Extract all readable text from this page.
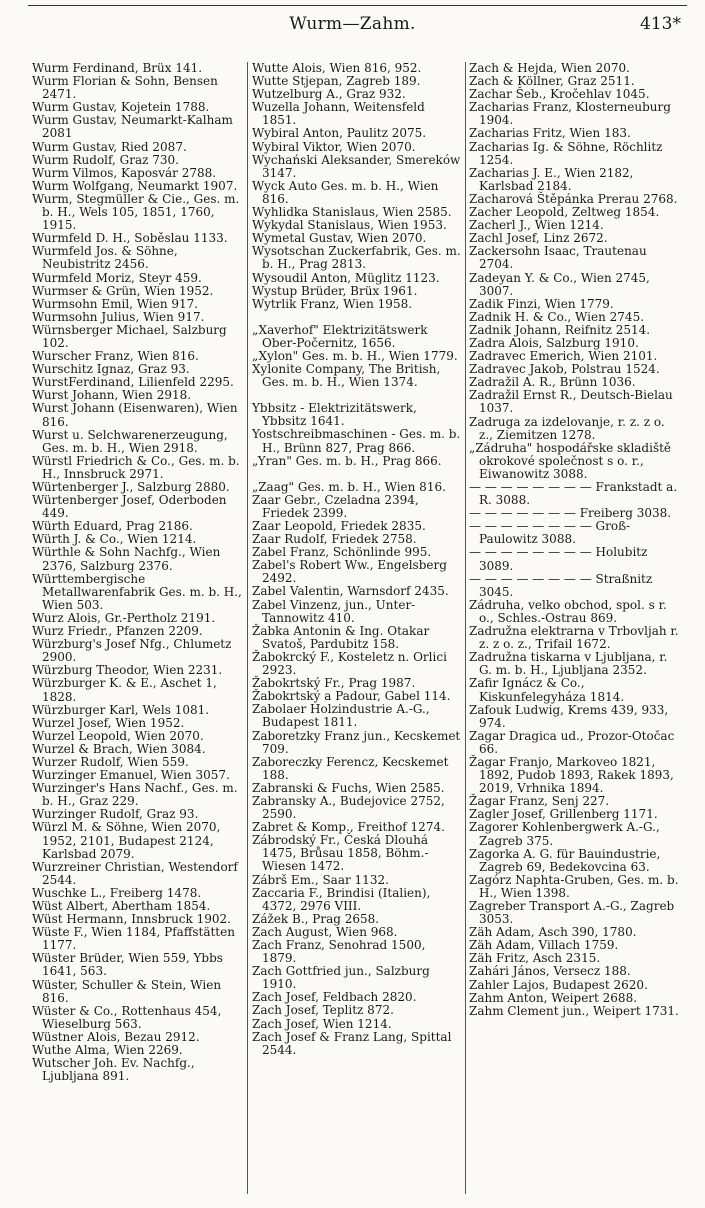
Wurm—Zahm.	413*
Wurm Ferdinand, Brüx 141.
Wurm Florian & Sohn, Bensen 2471.
Wurm Gustav, Kojetein 1788.
Wurm Gustav, Neumarkt-Kalham 2081
Wurm Gustav, Ried 2087.
Wurm Rudolf, Graz 730.
Wurm Vilmos, Kaposvár 2788.
Wurm Wolfgang, Neumarkt 1907.
Wurm, Stegmüller & Cie., Ges. m. b. H., Wels 105, 1851, 1760, 1915.
Wurmfeld D. H., Soběslau 1133.
Wurmfeld Jos. & Söhne, Neubistritz 2456.
Wurmfeld Moriz, Steyr 459.
Wurmser & Grün, Wien 1952.
Wurmsohn Emil, Wien 917.
Wurmsohn Julius, Wien 917.
Würnsberger Michael, Salzburg 102.
Wurscher Franz, Wien 816.
Wurschitz Ignaz, Graz 93.
WurstFerdinand, Lilienfeld 2295.
Wurst Johann, Wien 2918.
Wurst Johann (Eisenwaren), Wien 816.
Wurst u. Selchwarenerzeugung, Ges. m. b. H., Wien 2918.
Würstl Friedrich & Co., Ges. m. b. H., Innsbruck 2971.
Würtenberger J., Salzburg 2880.
Würtenberger Josef, Oderboden 449.
Würth Eduard, Prag 2186.
Würth J. & Co., Wien 1214.
Würthle & Sohn Nachfg., Wien 2376, Salzburg 2376.
Württembergische Metallwarenfabrik Ges. m. b. H., Wien 503.
Wurz Alois, Gr.-Pertholz 2191.
Wurz Friedr., Pfanzen 2209.
Würzburg's Josef Nfg., Chlumetz 2900.
Würzburg Theodor, Wien 2231.
Würzburger K. & E., Aschet 1, 1828.
Würzburger Karl, Wels 1081.
Wurzel Josef, Wien 1952.
Wurzel Leopold, Wien 2070.
Wurzel & Brach, Wien 3084.
Wurzer Rudolf, Wien 559.
Wurzinger Emanuel, Wien 3057.
Wurzinger's Hans Nachf., Ges. m. b. H., Graz 229.
Wurzinger Rudolf, Graz 93.
Würzl M. & Söhne, Wien 2070, 1952, 2101, Budapest 2124, Karlsbad 2079.
Wurzreiner Christian, Westendorf 2544.
Wuschke L., Freiberg 1478.
Wüst Albert, Abertham 1854.
Wüst Hermann, Innsbruck 1902.
Wüste F., Wien 1184, Pfaffstätten 1177.
Wüster Brüder, Wien 559, Ybbs 1641, 563.
Wüster, Schuller & Stein, Wien 816.
Wüster & Co., Rottenhaus 454, Wieselburg 563.
Wüstner Alois, Bezau 2912.
Wuthe Alma, Wien 2269.
Wutscher Joh. Ev. Nachfg., Ljubljana 891.
Wutte Alois, Wien 816, 952.
Wutte Stjepan, Zagreb 189.
Wutzelburg A., Graz 932.
Wuzella Johann, Weitensfeld 1851.
Wybiral Anton, Paulitz 2075.
Wybiral Viktor, Wien 2070.
Wychański Aleksander, Smereków 3147.
Wyck Auto Ges. m. b. H., Wien 816.
Wyhlidka Stanislaus, Wien 2585.
Wykydal Stanislaus, Wien 1953.
Wymetal Gustav, Wien 2070.
Wysotschan Zuckerfabrik, Ges. m. b. H., Prag 2813.
Wysoudil Anton, Müglitz 1123.
Wystup Brüder, Brüx 1961.
Wytrlik Franz, Wien 1958.
„Xaverhof" Elektrizitätswerk Ober-Počernitz, 1656.
„Xylon" Ges. m. b. H., Wien 1779.
Xylonite Company, The British, Ges. m. b. H., Wien 1374.
Ybbsitz - Elektrizitätswerk, Ybbsitz 1641.
Yostschreibmaschinen - Ges. m. b. H., Brünn 827, Prag 866.
„Yran" Ges. m. b. H., Prag 866.
„Zaag" Ges. m. b. H., Wien 816.
Zaar Gebr., Czeladna 2394, Friedek 2399.
Zaar Leopold, Friedek 2835.
Zaar Rudolf, Friedek 2758.
Zabel Franz, Schönlinde 995.
Zabel's Robert Ww., Engelsberg 2492.
Zabel Valentin, Warnsdorf 2435.
Zabel Vinzenz, jun., Unter-Tannowitz 410.
Žabka Antonin & Ing. Otakar Svatoš, Pardubitz 158.
Žabokrcký F., Kosteletz n. Orlici 2923.
Žabokrtský Fr., Prag 1987.
Žabokrtský a Padour, Gabel 114.
Zabolaer Holzindustrie A.-G., Budapest 1811.
Zaboretzky Franz jun., Kecskemet 709.
Zaboreczky Ferencz, Kecskemet 188.
Zabranski & Fuchs, Wien 2585.
Zabransky A., Budejovice 2752, 2590.
Zabret & Komp., Freithof 1274.
Zábrodský Fr., Česká Dlouhá 1475, Brůsau 1858, Böhm.-Wiesen 1472.
Zábrš Em., Saar 1132.
Zaccaria F., Brindisi (Italien), 4372, 2976 VIII.
Zážek B., Prag 2658.
Zach August, Wien 968.
Zach Franz, Senohrad 1500, 1879.
Zach Gottfried jun., Salzburg 1910.
Zach Josef, Feldbach 2820.
Zach Josef, Teplitz 872.
Zach Josef, Wien 1214.
Zach Josef & Franz Lang, Spittal 2544.
Zach & Hejda, Wien 2070.
Zach & Köllner, Graz 2511.
Zachar Šeb., Kročehlav 1045.
Zacharias Franz, Klosterneuburg 1904.
Zacharias Fritz, Wien 183.
Zacharias Ig. & Söhne, Röchlitz 1254.
Zacharias J. E., Wien 2182, Karlsbad 2184.
Zacharová Štěpánka Prerau 2768.
Zacher Leopold, Zeltweg 1854.
Zacherl J., Wien 1214.
Zachl Josef, Linz 2672.
Zackersohn Isaac, Trautenau 2704.
Zadeyan Y. & Co., Wien 2745, 3007.
Zadik Finzi, Wien 1779.
Zadnik H. & Co., Wien 2745.
Zadnik Johann, Reifnitz 2514.
Zadra Alois, Salzburg 1910.
Zadravec Emerich, Wien 2101.
Zadravec Jakob, Polstrau 1524.
Zadražil A. R., Brünn 1036.
Zadražil Ernst R., Deutsch-Bielau 1037.
Zadruga za izdelovanje, r. z. z o. z., Ziemitzen 1278.
„Zádruha" hospodářske skladiště okrokové společnost s o. r., Eiwanowitz 3088.
— — — — — — — — Frankstadt a. R. 3088.
— — — — — — — Freiberg 3038.
— — — — — — — — Groß-Paulowitz 3088.
— — — — — — — — Holubitz 3089.
— — — — — — — — Straßnitz 3045.
Zádruha, velko obchod, spol. s r. o., Schles.-Ostrau 869.
Zadružna elektrarna v Trbovljah r. z. z o. z., Trifail 1672.
Zadružna tiskarna v Ljubljana, r. G. m. b. H., Ljubljana 2352.
Zafir Ignácz & Co., Kiskunfelegyháza 1814.
Zafouk Ludwig, Krems 439, 933, 974.
Zagar Dragica ud., Prozor-Otočac 66.
Žagar Franjo, Markoveo 1821, 1892, Pudob 1893, Rakek 1893, 2019, Vrhnika 1894.
Žagar Franz, Senj 227.
Zagler Josef, Grillenberg 1171.
Zagorer Kohlenbergwerk A.-G., Zagreb 375.
Zagorka A. G. für Bauindustrie, Zagreb 69, Bedekovcina 63.
Zagórz Naphta-Gruben, Ges. m. b. H., Wien 1398.
Zagreber Transport A.-G., Zagreb 3053.
Zäh Adam, Asch 390, 1780.
Zäh Adam, Villach 1759.
Zäh Fritz, Asch 2315.
Zahári János, Versecz 188.
Zahler Lajos, Budapest 2620.
Zahm Anton, Weipert 2688.
Zahm Clement jun., Weipert 1731.
